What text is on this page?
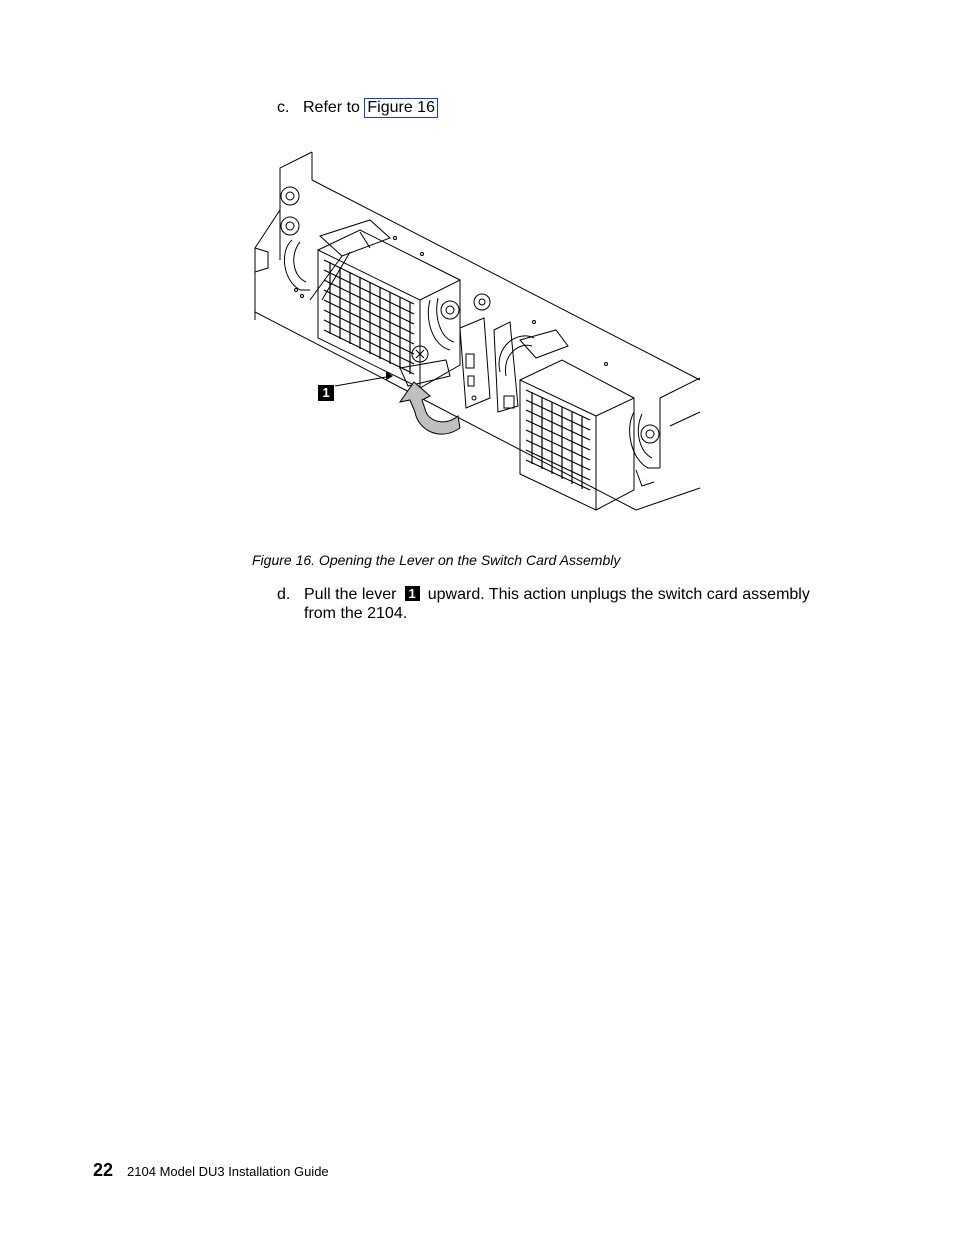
c. Refer to Figure 16
1
Figure 16. Opening the Lever on the Switch Card Assembly
d. Pull the lever 1 upward. This action unplugs the switch card assembly from the 2104.
22 2104 Model DU3 Installation Guide
